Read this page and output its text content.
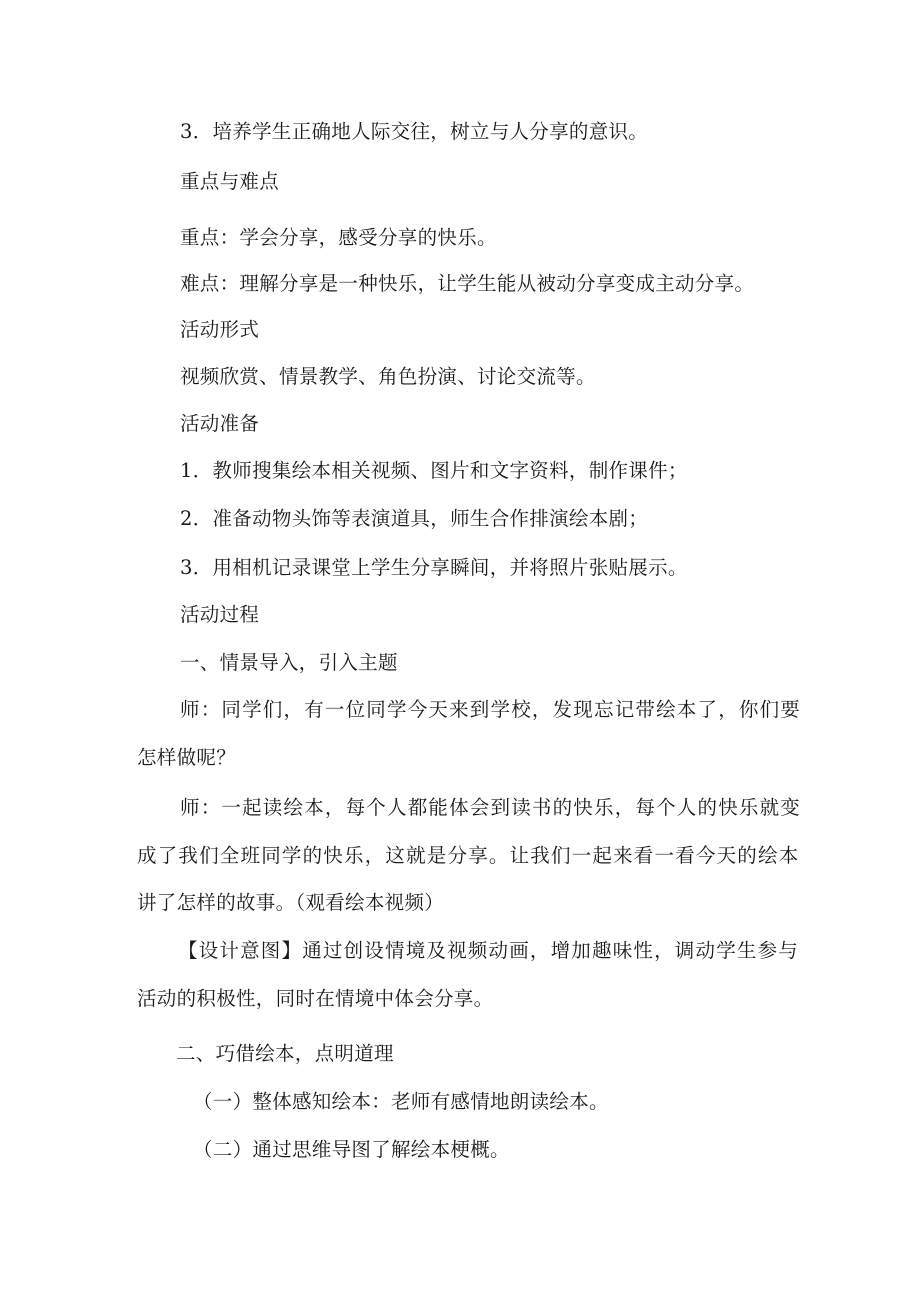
3．培养学生正确地人际交往，树立与人分享的意识。
重点与难点
重点：学会分享，感受分享的快乐。
难点：理解分享是一种快乐，让学生能从被动分享变成主动分享。
活动形式
视频欣赏、情景教学、角色扮演、讨论交流等。
活动准备
1．教师搜集绘本相关视频、图片和文字资料，制作课件；
2．准备动物头饰等表演道具，师生合作排演绘本剧；
3．用相机记录课堂上学生分享瞬间，并将照片张贴展示。
活动过程
一、情景导入，引入主题
师：同学们，有一位同学今天来到学校，发现忘记带绘本了，你们要
怎样做呢？
师：一起读绘本，每个人都能体会到读书的快乐，每个人的快乐就变
成了我们全班同学的快乐，这就是分享。让我们一起来看一看今天的绘本
讲了怎样的故事。（观看绘本视频）
【设计意图】通过创设情境及视频动画，增加趣味性，调动学生参与
活动的积极性，同时在情境中体会分享。
二、巧借绘本，点明道理
（一）整体感知绘本：老师有感情地朗读绘本。
（二）通过思维导图了解绘本梗概。
